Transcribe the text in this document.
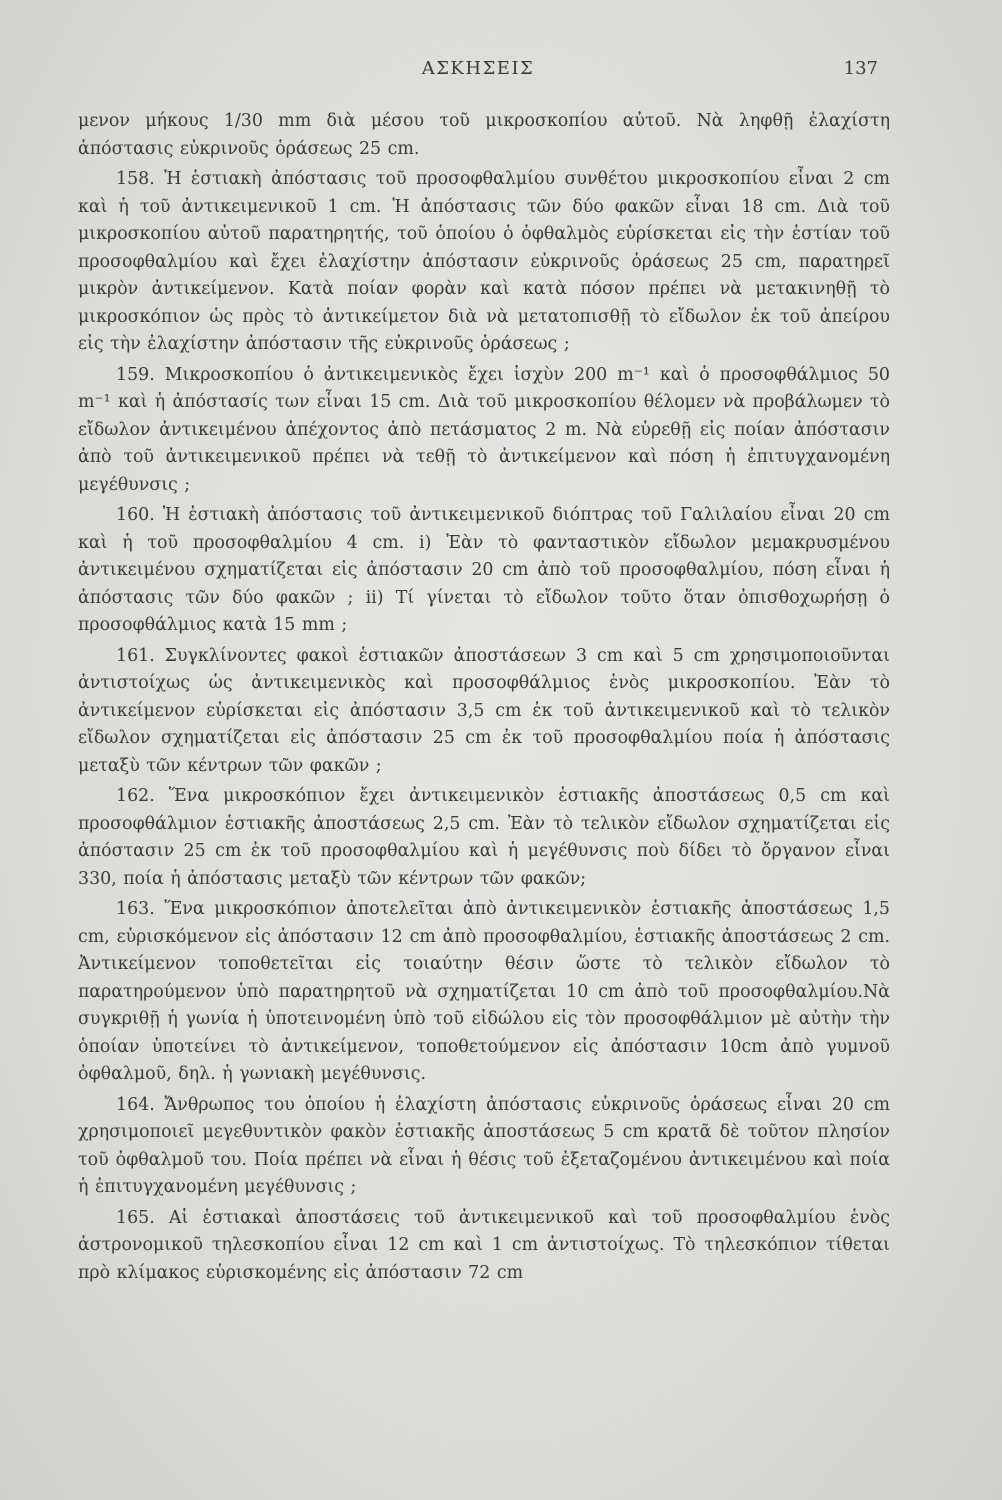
ΑΣΚΗΣΕΙΣ	137

μενον μήκους 1/30 mm διὰ μέσου τοῦ μικροσκοπίου αὐτοῦ. Νὰ ληφθῇ ἐλαχίστη ἀπόστασις εὐκρινοῦς ὁράσεως 25 cm.

158. Ἡ ἑστιακὴ ἀπόστασις τοῦ προσοφθαλμίου συνθέτου μικροσκοπίου εἶναι 2 cm καὶ ἡ τοῦ ἀντικειμενικοῦ 1 cm. Ἡ ἀπόστασις τῶν δύο φακῶν εἶναι 18 cm. Διὰ τοῦ μικροσκοπίου αὐτοῦ παρατηρητής, τοῦ ὁποίου ὁ ὀφθαλμὸς εὑρίσκεται εἰς τὴν ἑστίαν τοῦ προσοφθαλμίου καὶ ἔχει ἐλαχίστην ἀπόστασιν εὐκρινοῦς ὁράσεως 25 cm, παρατηρεῖ μικρὸν ἀντικείμενον. Κατὰ ποίαν φορὰν καὶ κατὰ πόσον πρέπει νὰ μετακινηθῇ τὸ μικροσκόπιον ὡς πρὸς τὸ ἀντικείμετον διὰ νὰ μετατοπισθῇ τὸ εἴδωλον ἐκ τοῦ ἀπείρου εἰς τὴν ἐλαχίστην ἀπόστασιν τῆς εὐκρινοῦς ὁράσεως ;

159. Μικροσκοπίου ὁ ἀντικειμενικὸς ἔχει ἰσχὺν 200 m⁻¹ καὶ ὁ προσοφθάλμιος 50 m⁻¹ καὶ ἡ ἀπόστασίς των εἶναι 15 cm. Διὰ τοῦ μικροσκοπίου θέλομεν νὰ προβάλωμεν τὸ εἴδωλον ἀντικειμένου ἀπέχοντος ἀπὸ πετάσματος 2 m. Νὰ εὑρεθῇ εἰς ποίαν ἀπόστασιν ἀπὸ τοῦ ἀντικειμενικοῦ πρέπει νὰ τεθῇ τὸ ἀντικείμενον καὶ πόση ἡ ἐπιτυγχανομένη μεγέθυνσις ;

160. Ἡ ἑστιακὴ ἀπόστασις τοῦ ἀντικειμενικοῦ διόπτρας τοῦ Γαλιλαίου εἶναι 20 cm καὶ ἡ τοῦ προσοφθαλμίου 4 cm. i) Ἐὰν τὸ φανταστικὸν εἴδωλον μεμακρυσμένου ἀντικειμένου σχηματίζεται εἰς ἀπόστασιν 20 cm ἀπὸ τοῦ προσοφθαλμίου, πόση εἶναι ἡ ἀπόστασις τῶν δύο φακῶν ; ii) Τί γίνεται τὸ εἴδωλον τοῦτο ὅταν ὀπισθοχωρήσῃ ὁ προσοφθάλμιος κατὰ 15 mm ;

161. Συγκλίνοντες φακοὶ ἑστιακῶν ἀποστάσεων 3 cm καὶ 5 cm χρησιμοποιοῦνται ἀντιστοίχως ὡς ἀντικειμενικὸς καὶ προσοφθάλμιος ἑνὸς μικροσκοπίου. Ἐὰν τὸ ἀντικείμενον εὑρίσκεται εἰς ἀπόστασιν 3,5 cm ἐκ τοῦ ἀντικειμενικοῦ καὶ τὸ τελικὸν εἴδωλον σχηματίζεται εἰς ἀπόστασιν 25 cm ἐκ τοῦ προσοφθαλμίου ποία ἡ ἀπόστασις μεταξὺ τῶν κέντρων τῶν φακῶν ;

162. Ἕνα μικροσκόπιον ἔχει ἀντικειμενικὸν ἑστιακῆς ἀποστάσεως 0,5 cm καὶ προσοφθάλμιον ἑστιακῆς ἀποστάσεως 2,5 cm. Ἐὰν τὸ τελικὸν εἴδωλον σχηματίζεται εἰς ἀπόστασιν 25 cm ἐκ τοῦ προσοφθαλμίου καὶ ἡ μεγέθυνσις ποὺ δίδει τὸ ὄργανον εἶναι 330, ποία ἡ ἀπόστασις μεταξὺ τῶν κέντρων τῶν φακῶν;

163. Ἕνα μικροσκόπιον ἀποτελεῖται ἀπὸ ἀντικειμενικὸν ἑστιακῆς ἀποστάσεως 1,5 cm, εὑρισκόμενον εἰς ἀπόστασιν 12 cm ἀπὸ προσοφθαλμίου, ἑστιακῆς ἀποστάσεως 2 cm. Ἀντικείμενον τοποθετεῖται εἰς τοιαύτην θέσιν ὥστε τὸ τελικὸν εἴδωλον τὸ παρατηρούμενον ὑπὸ παρατηρητοῦ νὰ σχηματίζεται 10 cm ἀπὸ τοῦ προσοφθαλμίου.Νὰ συγκριθῇ ἡ γωνία ἡ ὑποτεινομένη ὑπὸ τοῦ εἰδώλου εἰς τὸν προσοφθάλμιον μὲ αὐτὴν τὴν ὁποίαν ὑποτείνει τὸ ἀντικείμενον, τοποθετούμενον εἰς ἀπόστασιν 10cm ἀπὸ γυμνοῦ ὀφθαλμοῦ, δηλ. ἡ γωνιακὴ μεγέθυνσις.

164. Ἄνθρωπος του ὁποίου ἡ ἐλαχίστη ἀπόστασις εὐκρινοῦς ὁράσεως εἶναι 20 cm χρησιμοποιεῖ μεγεθυντικὸν φακὸν ἑστιακῆς ἀποστάσεως 5 cm κρατᾶ δὲ τοῦτον πλησίον τοῦ ὀφθαλμοῦ του. Ποία πρέπει νὰ εἶναι ἡ θέσις τοῦ ἐξεταζομένου ἀντικειμένου καὶ ποία ἡ ἐπιτυγχανομένη μεγέθυνσις ;

165. Αἱ ἑστιακαὶ ἀποστάσεις τοῦ ἀντικειμενικοῦ καὶ τοῦ προσοφθαλμίου ἑνὸς ἀστρονομικοῦ τηλεσκοπίου εἶναι 12 cm καὶ 1 cm ἀντιστοίχως. Τὸ τηλεσκόπιον τίθεται πρὸ κλίμακος εὑρισκομένης εἰς ἀπόστασιν 72 cm
